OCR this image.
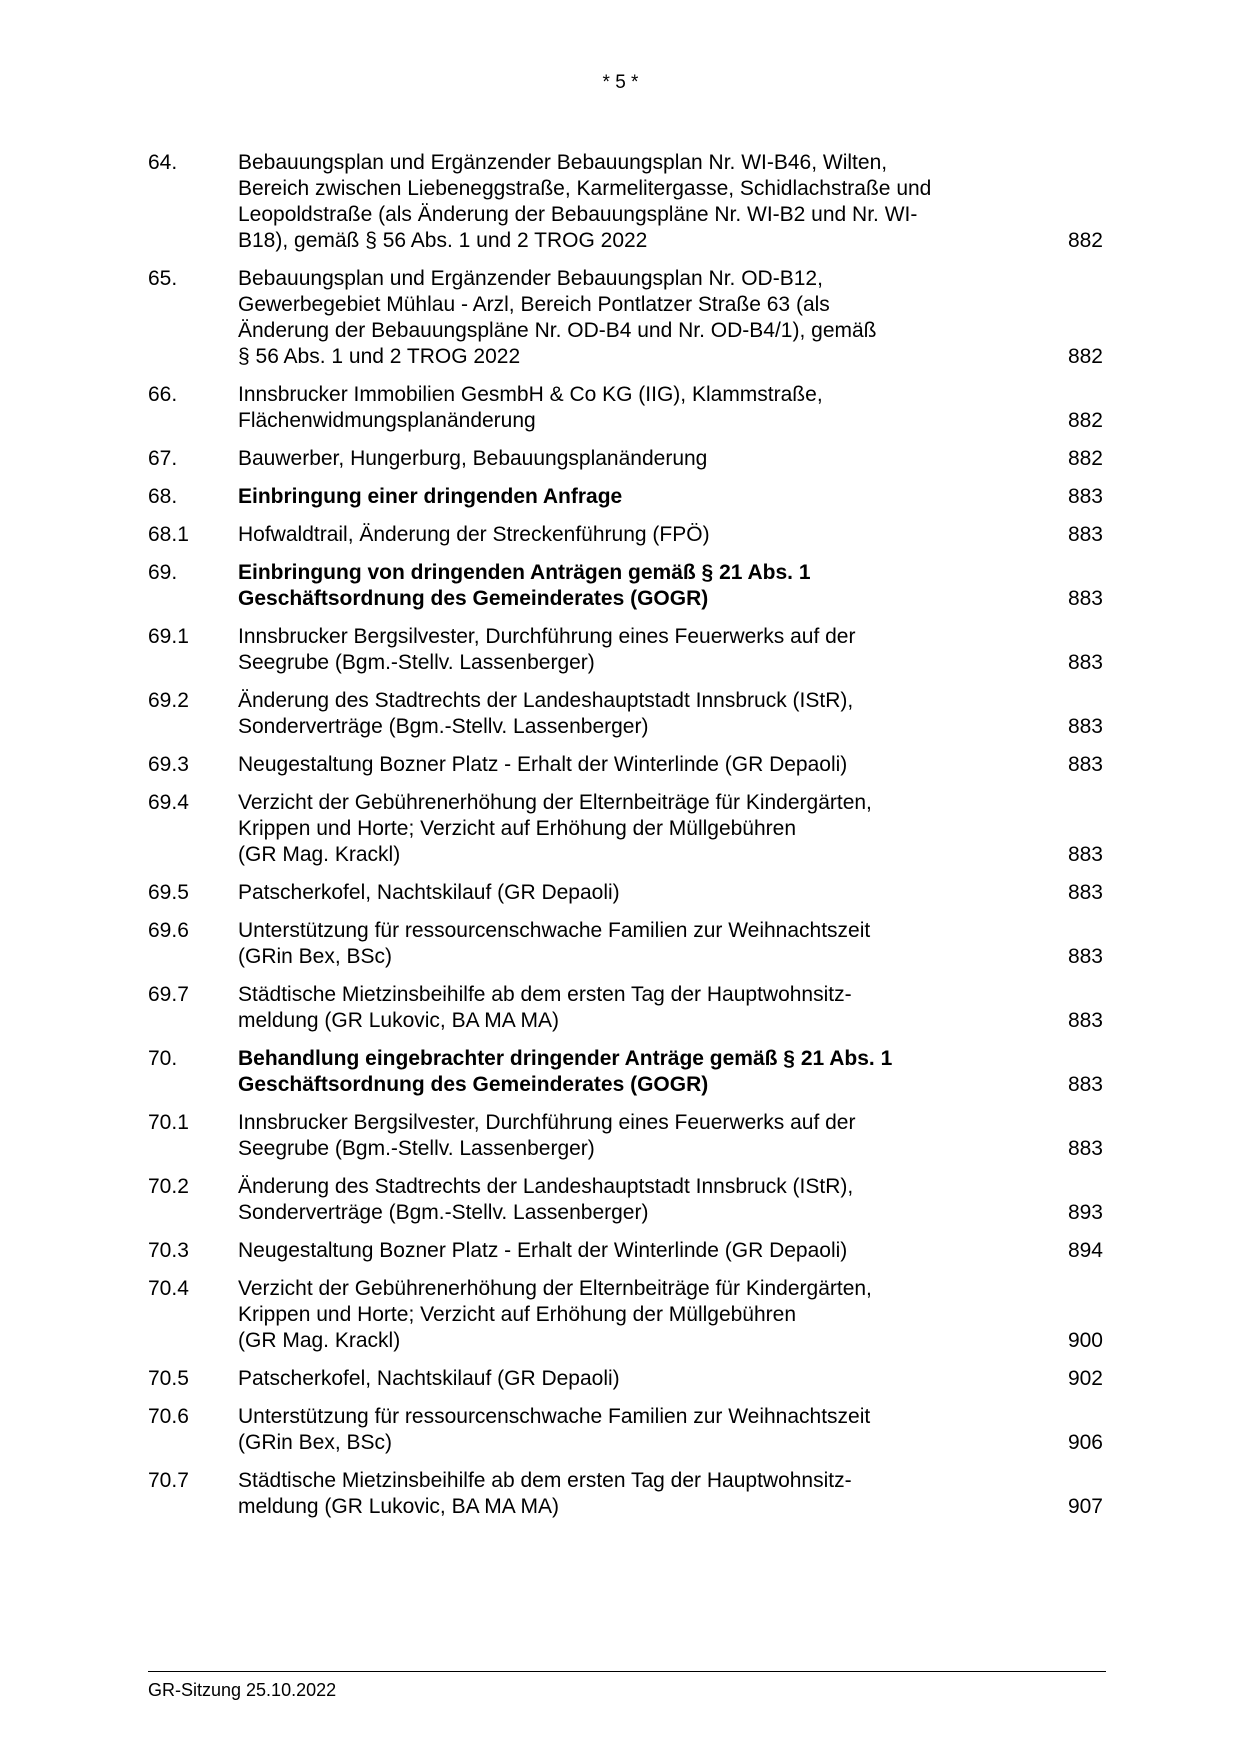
* 5 *
64.	Bebauungsplan und Ergänzender Bebauungsplan Nr. WI-B46, Wilten,
Bereich zwischen Liebeneggstraße, Karmelitergasse, Schidlachstraße und
Leopoldstraße (als Änderung der Bebauungspläne Nr. WI-B2 und Nr. WI-
B18), gemäß § 56 Abs. 1 und 2 TROG 2022	882
65.	Bebauungsplan und Ergänzender Bebauungsplan Nr. OD-B12,
Gewerbegebiet Mühlau - Arzl, Bereich Pontlatzer Straße 63 (als
Änderung der Bebauungspläne Nr. OD-B4 und Nr. OD-B4/1), gemäß
§ 56 Abs. 1 und 2 TROG 2022	882
66.	Innsbrucker Immobilien GesmbH & Co KG (IIG), Klammstraße,
Flächenwidmungsplanänderung	882
67.	Bauwerber, Hungerburg, Bebauungsplanänderung	882
68.	Einbringung einer dringenden Anfrage	883
68.1	Hofwaldtrail, Änderung der Streckenführung (FPÖ)	883
69.	Einbringung von dringenden Anträgen gemäß § 21 Abs. 1
Geschäftsordnung des Gemeinderates (GOGR)	883
69.1	Innsbrucker Bergsilvester, Durchführung eines Feuerwerks auf der
Seegrube (Bgm.-Stellv. Lassenberger)	883
69.2	Änderung des Stadtrechts der Landeshauptstadt Innsbruck (IStR),
Sonderverträge (Bgm.-Stellv. Lassenberger)	883
69.3	Neugestaltung Bozner Platz - Erhalt der Winterlinde (GR Depaoli)	883
69.4	Verzicht der Gebührenerhöhung der Elternbeiträge für Kindergärten,
Krippen und Horte; Verzicht auf Erhöhung der Müllgebühren
(GR Mag. Krackl)	883
69.5	Patscherkofel, Nachtskilauf (GR Depaoli)	883
69.6	Unterstützung für ressourcenschwache Familien zur Weihnachtszeit
(GRin Bex, BSc)	883
69.7	Städtische Mietzinsbeihilfe ab dem ersten Tag der Hauptwohnsitz-
meldung (GR Lukovic, BA MA MA)	883
70.	Behandlung eingebrachter dringender Anträge gemäß § 21 Abs. 1
Geschäftsordnung des Gemeinderates (GOGR)	883
70.1	Innsbrucker Bergsilvester, Durchführung eines Feuerwerks auf der
Seegrube (Bgm.-Stellv. Lassenberger)	883
70.2	Änderung des Stadtrechts der Landeshauptstadt Innsbruck (IStR),
Sonderverträge (Bgm.-Stellv. Lassenberger)	893
70.3	Neugestaltung Bozner Platz - Erhalt der Winterlinde (GR Depaoli)	894
70.4	Verzicht der Gebührenerhöhung der Elternbeiträge für Kindergärten,
Krippen und Horte; Verzicht auf Erhöhung der Müllgebühren
(GR Mag. Krackl)	900
70.5	Patscherkofel, Nachtskilauf (GR Depaoli)	902
70.6	Unterstützung für ressourcenschwache Familien zur Weihnachtszeit
(GRin Bex, BSc)	906
70.7	Städtische Mietzinsbeihilfe ab dem ersten Tag der Hauptwohnsitz-
meldung (GR Lukovic, BA MA MA)	907
GR-Sitzung 25.10.2022
